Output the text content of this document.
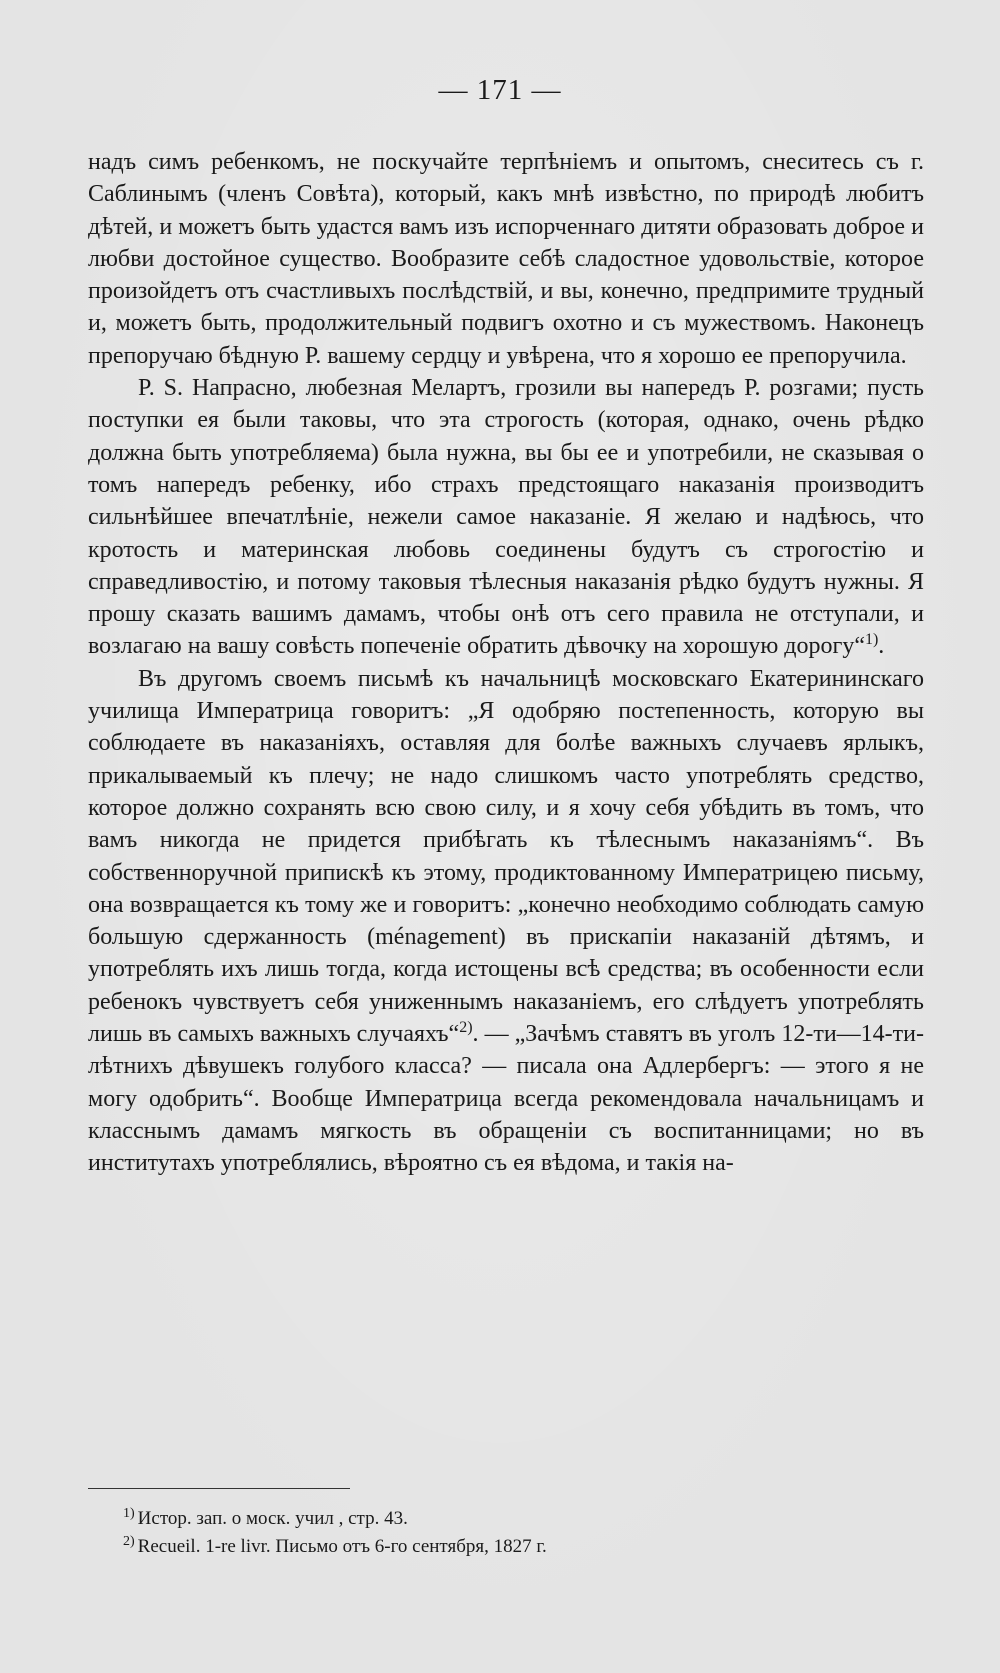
— 171 —

надъ симъ ребенкомъ, не поскучайте терпѣніемъ и опытомъ, снеситесь съ г. Саблинымъ (членъ Совѣта), который, какъ мнѣ извѣстно, по природѣ любитъ дѣтей, и можетъ быть удастся вамъ изъ испорченнаго дитяти образовать доброе и любви достойное существо. Вообразите себѣ сладостное удовольствіе, которое произойдетъ отъ счастливыхъ послѣдствій, и вы, конечно, предпримите трудный и, можетъ быть, продолжительный подвигъ охотно и съ мужествомъ. Наконецъ препоручаю бѣдную Р. вашему сердцу и увѣрена, что я хорошо ее препоручила.

P. S. Напрасно, любезная Мелартъ, грозили вы напередъ Р. розгами; пусть поступки ея были таковы, что эта строгость (которая, однако, очень рѣдко должна быть употребляема) была нужна, вы бы ее и употребили, не сказывая о томъ напередъ ребенку, ибо страхъ предстоящаго наказанія производитъ сильнѣйшее впечатлѣніе, нежели самое наказаніе. Я желаю и надѣюсь, что кротость и материнская любовь соединены будутъ съ строгостію и справедливостію, и потому таковыя тѣлесныя наказанія рѣдко будутъ нужны. Я прошу сказать вашимъ дамамъ, чтобы онѣ отъ сего правила не отступали, и возлагаю на вашу совѣсть попеченіе обратить дѣвочку на хорошую дорогу“$^{1)}$.

Въ другомъ своемъ письмѣ къ начальницѣ московскаго Екатерининскаго училища Императрица говоритъ: „Я одобряю постепенность, которую вы соблюдаете въ наказаніяхъ, оставляя для болѣе важныхъ случаевъ ярлыкъ, прикалываемый къ плечу; не надо слишкомъ часто употреблять средство, которое должно сохранять всю свою силу, и я хочу себя убѣдить въ томъ, что вамъ никогда не придется прибѣгать къ тѣлеснымъ наказаніямъ“. Въ собственноручной припискѣ къ этому, продиктованному Императрицею письму, она возвращается къ тому же и говоритъ: „конечно необходимо соблюдать самую большую сдержанность (ménagement) въ прискапіи наказаній дѣтямъ, и употреблять ихъ лишь тогда, когда истощены всѣ средства; въ особенности если ребенокъ чувствуетъ себя униженнымъ наказаніемъ, его слѣдуетъ употреблять лишь въ самыхъ важныхъ случаяхъ“$^{2)}$. — „Зачѣмъ ставятъ въ уголъ 12-ти—14-ти-лѣтнихъ дѣвушекъ голубого класса? — писала она Адлербергъ: — этого я не могу одобрить“. Вообще Императрица всегда рекомендовала начальницамъ и класснымъ дамамъ мягкость въ обращеніи съ воспитанницами; но въ институтахъ употреблялись, вѣроятно съ ея вѣдома, и такія на-

$^{1)}$ Истор. зап. о моск. учил , стр. 43.

$^{2)}$ Recueil. 1-re livr. Письмо отъ 6-го сентября, 1827 г.
